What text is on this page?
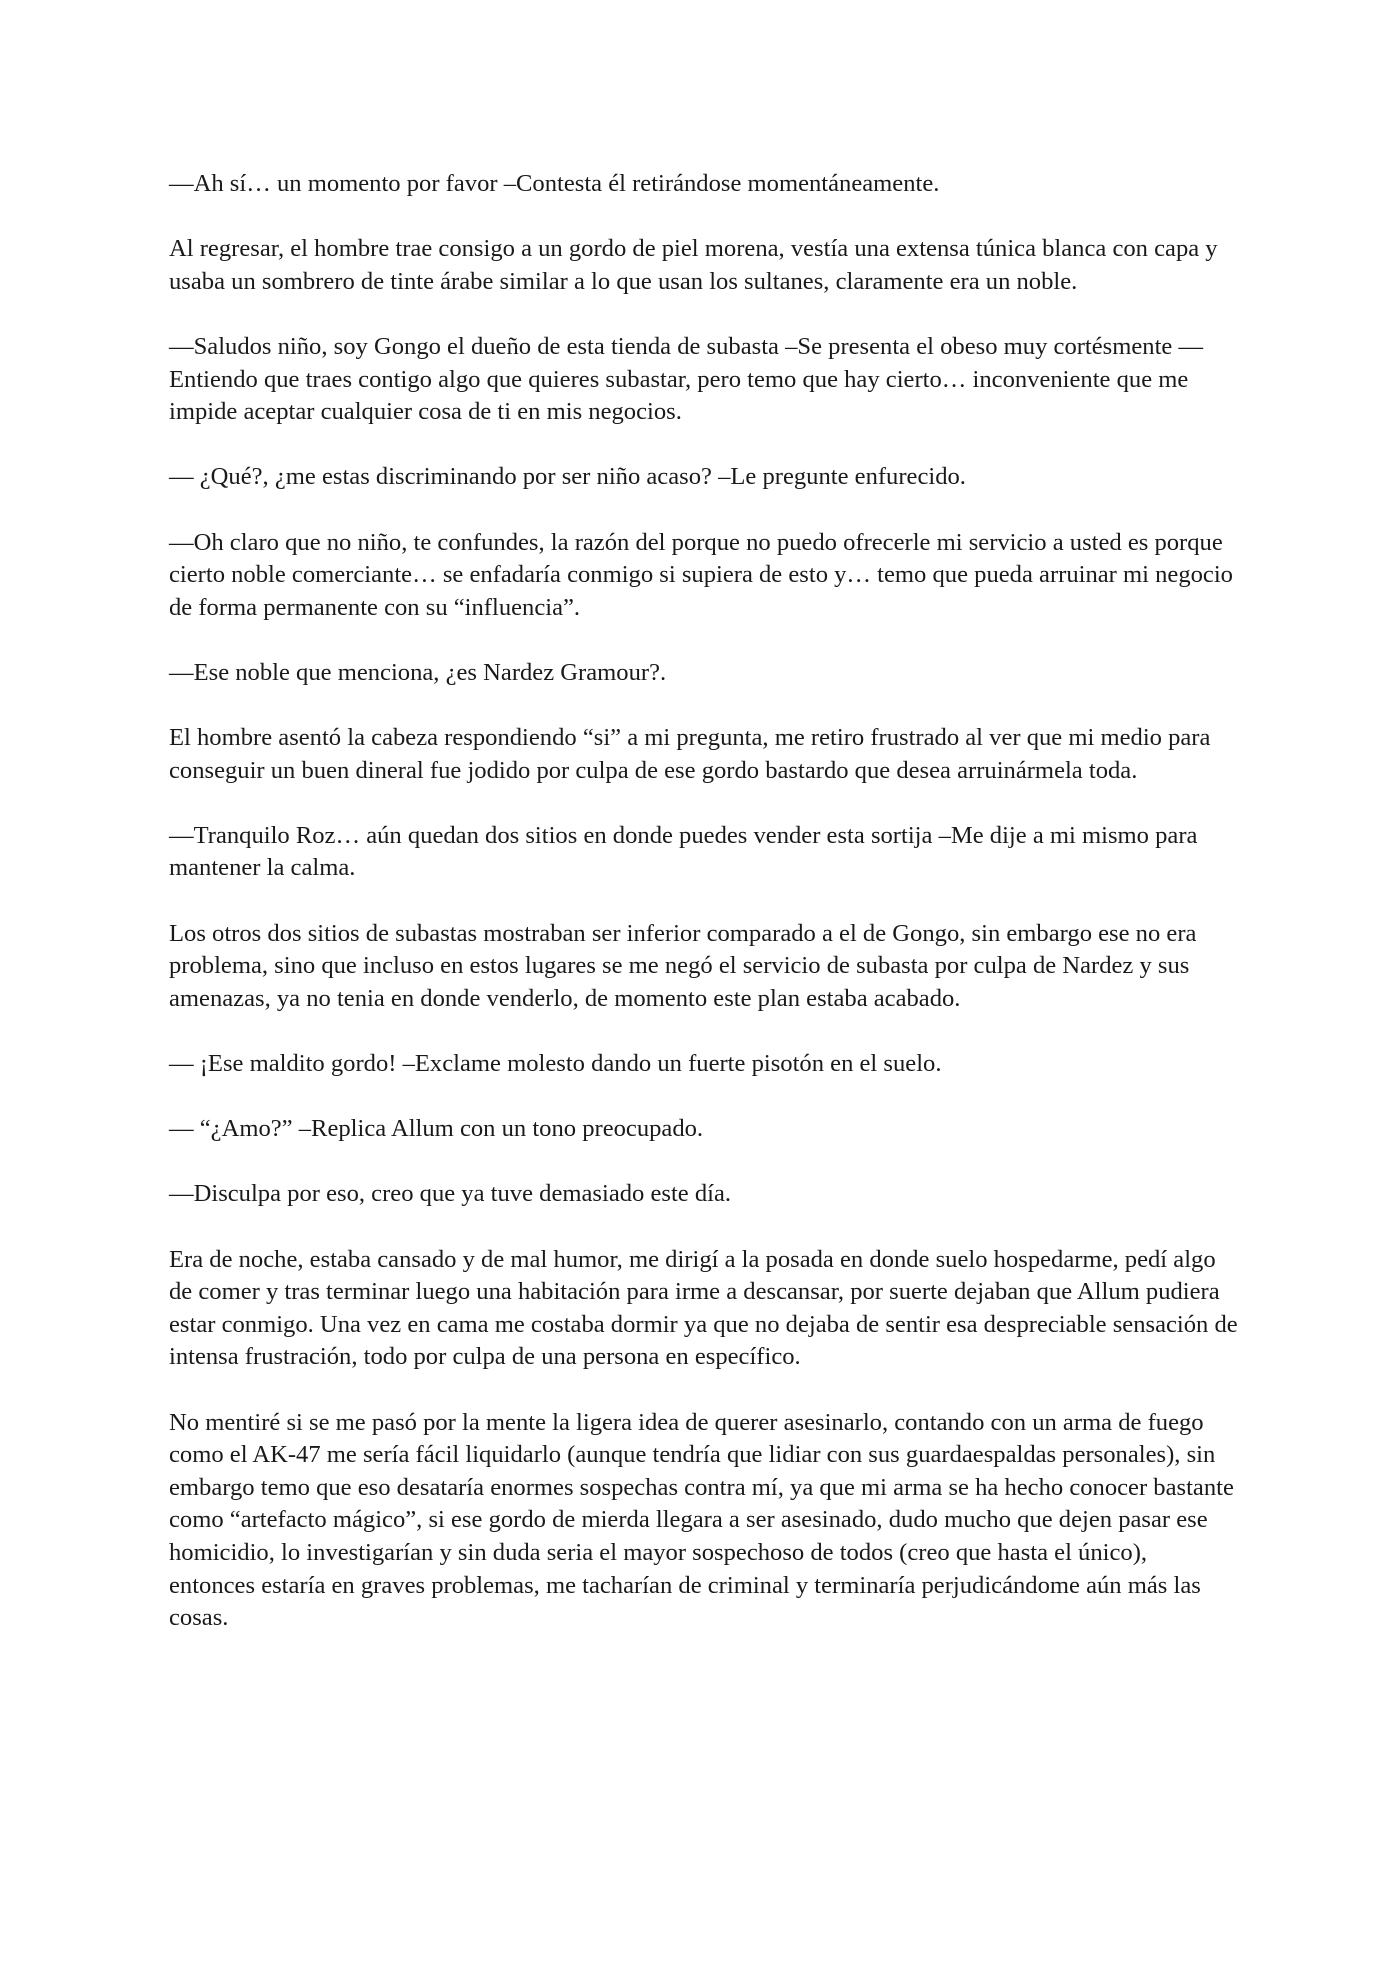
—Ah sí… un momento por favor –Contesta él retirándose momentáneamente.

Al regresar, el hombre trae consigo a un gordo de piel morena, vestía una extensa túnica blanca con capa y usaba un sombrero de tinte árabe similar a lo que usan los sultanes, claramente era un noble.

—Saludos niño, soy Gongo el dueño de esta tienda de subasta –Se presenta el obeso muy cortésmente —Entiendo que traes contigo algo que quieres subastar, pero temo que hay cierto… inconveniente que me impide aceptar cualquier cosa de ti en mis negocios.

— ¿Qué?, ¿me estas discriminando por ser niño acaso? –Le pregunte enfurecido.

—Oh claro que no niño, te confundes, la razón del porque no puedo ofrecerle mi servicio a usted es porque cierto noble comerciante… se enfadaría conmigo si supiera de esto y… temo que pueda arruinar mi negocio de forma permanente con su “influencia”.

—Ese noble que menciona, ¿es Nardez Gramour?.

El hombre asentó la cabeza respondiendo “si” a mi pregunta, me retiro frustrado al ver que mi medio para conseguir un buen dineral fue jodido por culpa de ese gordo bastardo que desea arruinármela toda.

—Tranquilo Roz… aún quedan dos sitios en donde puedes vender esta sortija –Me dije a mi mismo para mantener la calma.

Los otros dos sitios de subastas mostraban ser inferior comparado a el de Gongo, sin embargo ese no era problema, sino que incluso en estos lugares se me negó el servicio de subasta por culpa de Nardez y sus amenazas, ya no tenia en donde venderlo, de momento este plan estaba acabado.

— ¡Ese maldito gordo! –Exclame molesto dando un fuerte pisotón en el suelo.

— “¿Amo?” –Replica Allum con un tono preocupado.

—Disculpa por eso, creo que ya tuve demasiado este día.

Era de noche, estaba cansado y de mal humor, me dirigí a la posada en donde suelo hospedarme, pedí algo de comer y tras terminar luego una habitación para irme a descansar, por suerte dejaban que Allum pudiera estar conmigo. Una vez en cama me costaba dormir ya que no dejaba de sentir esa despreciable sensación de intensa frustración, todo por culpa de una persona en específico.

No mentiré si se me pasó por la mente la ligera idea de querer asesinarlo, contando con un arma de fuego como el AK-47 me sería fácil liquidarlo (aunque tendría que lidiar con sus guardaespaldas personales), sin embargo temo que eso desataría enormes sospechas contra mí, ya que mi arma se ha hecho conocer bastante como “artefacto mágico”, si ese gordo de mierda llegara a ser asesinado, dudo mucho que dejen pasar ese homicidio, lo investigarían y sin duda seria el mayor sospechoso de todos (creo que hasta el único), entonces estaría en graves problemas, me tacharían de criminal y terminaría perjudicándome aún más las cosas.
